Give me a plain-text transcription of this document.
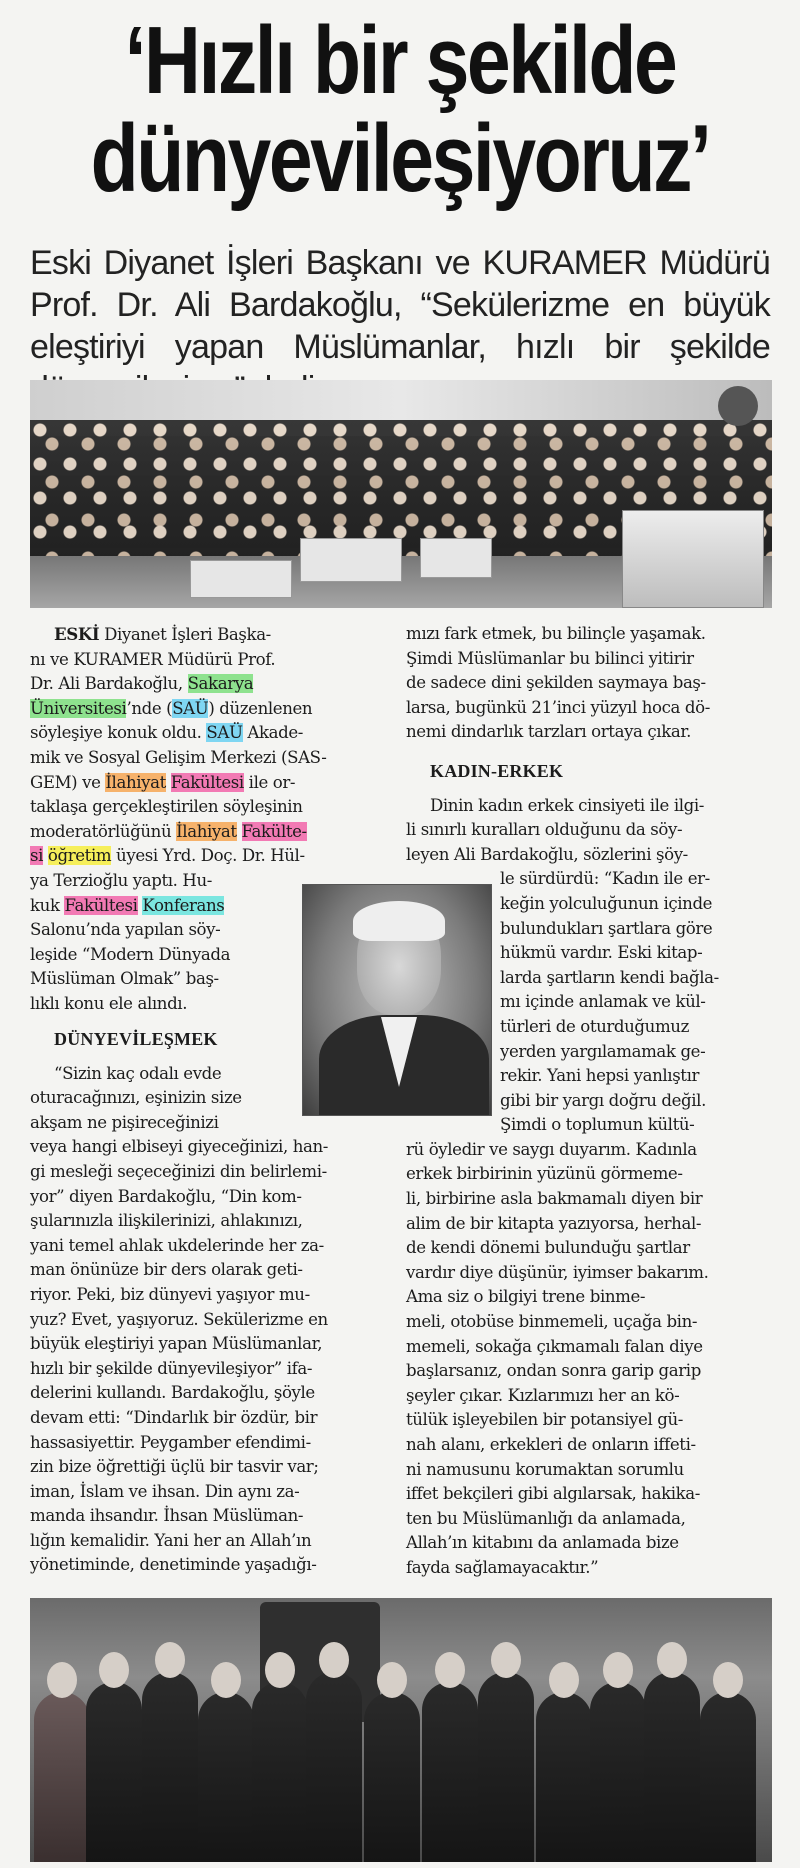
‘Hızlı bir şekilde
dünyevileşiyoruz’
Eski Diyanet İşleri Başkanı ve KURAMER Müdürü Prof. Dr. Ali Bardakoğlu, “Sekülerizme en büyük eleştiriyi yapan Müslümanlar, hızlı bir şekilde

ESKİ Diyanet İşleri Başka-
nı ve KURAMER Müdürü Prof.
Dr. Ali Bardakoğlu, Sakarya
Üniversitesi’nde (SAÜ) düzenlenen
söyleşiye konuk oldu. SAÜ Akade-
mik ve Sosyal Gelişim Merkezi (SAS-
GEM) ve İlahiyat Fakültesi ile or-
taklaşa gerçekleştirilen söyleşinin
moderatörlüğünü İlahiyat Fakülte-
si öğretim üyesi Yrd. Doç. Dr. Hül-
ya Terzioğlu yaptı. Hu-
kuk Fakültesi Konferans
Salonu’nda yapılan söy-
leşide “Modern Dünyada
Müslüman Olmak” baş-
lıklı konu ele alındı.

DÜNYEVİLEŞMEK

“Sizin kaç odalı evde
oturacağınızı, eşinizin size
akşam ne pişireceğinizi

veya hangi elbiseyi giyeceğinizi, han-
gi mesleği seçeceğinizi din belirlemi-
yor” diyen Bardakoğlu, “Din kom-
şularınızla ilişkilerinizi, ahlakınızı,
yani temel ahlak ukdelerinde her za-
man önünüze bir ders olarak geti-
riyor. Peki, biz dünyevi yaşıyor mu-
yuz? Evet, yaşıyoruz. Sekülerizme en
büyük eleştiriyi yapan Müslümanlar,
hızlı bir şekilde dünyevileşiyor” ifa-
delerini kullandı. Bardakoğlu, şöyle
devam etti: “Dindarlık bir özdür, bir
hassasiyettir. Peygamber efendimi-
zin bize öğrettiği üçlü bir tasvir var;
iman, İslam ve ihsan. Din aynı za-
manda ihsandır. İhsan Müslüman-
lığın kemalidir. Yani her an Allah’ın
yönetiminde, denetiminde yaşadığı-

mızı fark etmek, bu bilinçle yaşamak.
Şimdi Müslümanlar bu bilinci yitirir
de sadece dini şekilden saymaya baş-
larsa, bugünkü 21’inci yüzyıl hoca dö-
nemi dindarlık tarzları ortaya çıkar.

KADIN-ERKEK

Dinin kadın erkek cinsiyeti ile ilgi-
li sınırlı kuralları olduğunu da söy-
leyen Ali Bardakoğlu, sözlerini şöy-

le sürdürdü: “Kadın ile er-
keğin yolculuğunun içinde
bulundukları şartlara göre
hükmü vardır. Eski kitap-
larda şartların kendi bağla-
mı içinde anlamak ve kül-
türleri de oturduğumuz
yerden yargılamamak ge-
rekir. Yani hepsi yanlıştır
gibi bir yargı doğru değil.
Şimdi o toplumun kültü-

rü öyledir ve saygı duyarım. Kadınla
erkek birbirinin yüzünü görmeme-
li, birbirine asla bakmamalı diyen bir
alim de bir kitapta yazıyorsa, herhal-
de kendi dönemi bulunduğu şartlar
vardır diye düşünür, iyimser bakarım.
Ama siz o bilgiyi trene binme-
meli, otobüse binmemeli, uçağa bin-
memeli, sokağa çıkmamalı falan diye
başlarsanız, ondan sonra garip garip
şeyler çıkar. Kızlarımızı her an kö-
tülük işleyebilen bir potansiyel gü-
nah alanı, erkekleri de onların iffeti-
ni namusunu korumaktan sorumlu
iffet bekçileri gibi algılarsak, hakika-
ten bu Müslümanlığı da anlamada,
Allah’ın kitabını da anlamada bize
fayda sağlamayacaktır.”
